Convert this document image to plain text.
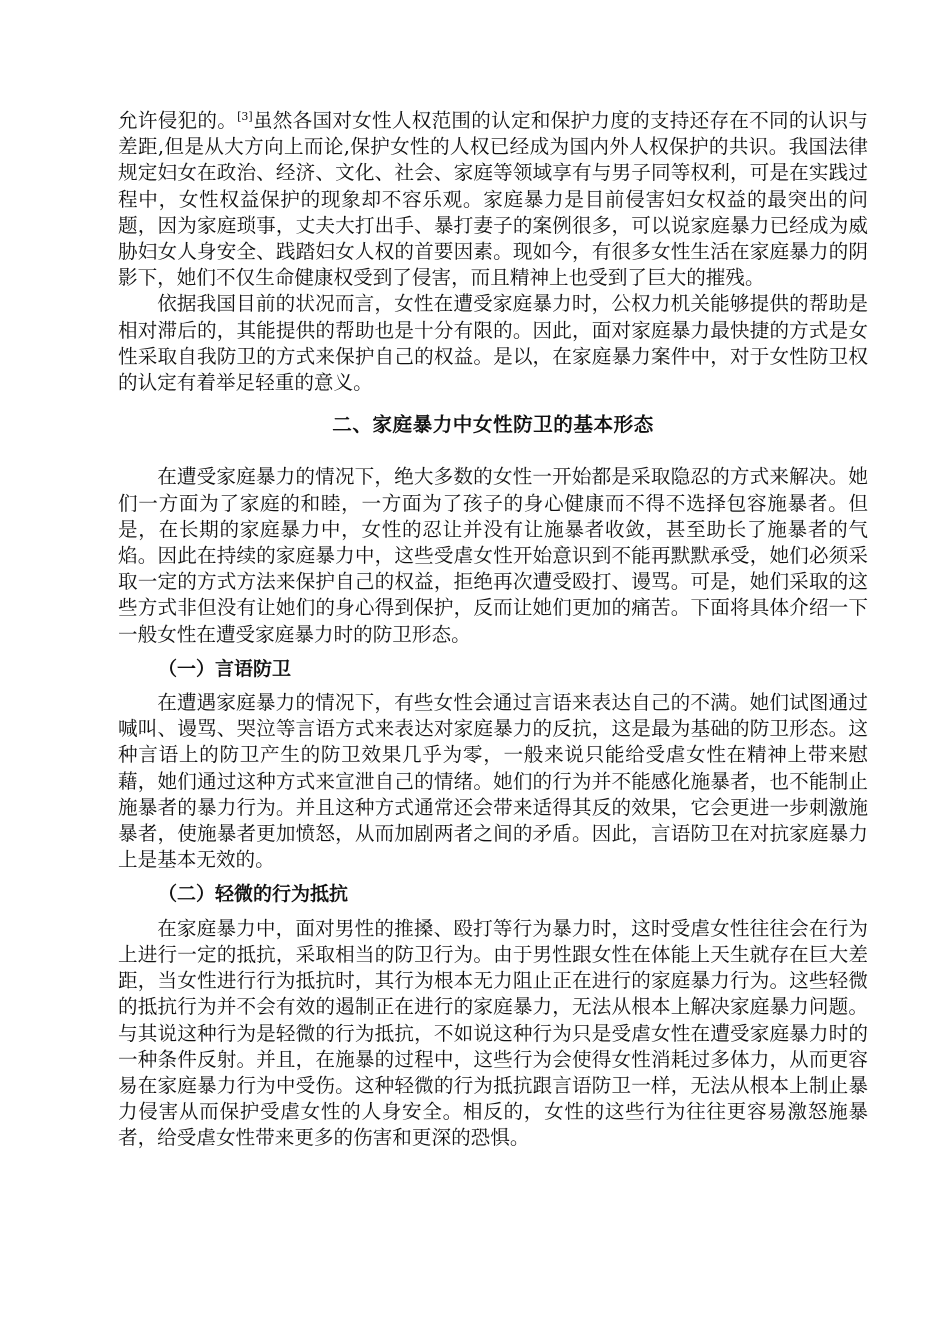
允许侵犯的。[3]虽然各国对女性人权范围的认定和保护力度的支持还存在不同的认识与差距,但是从大方向上而论,保护女性的人权已经成为国内外人权保护的共识。我国法律规定妇女在政治、经济、文化、社会、家庭等领域享有与男子同等权利，可是在实践过程中，女性权益保护的现象却不容乐观。家庭暴力是目前侵害妇女权益的最突出的问题，因为家庭琐事，丈夫大打出手、暴打妻子的案例很多，可以说家庭暴力已经成为威胁妇女人身安全、践踏妇女人权的首要因素。现如今，有很多女性生活在家庭暴力的阴影下，她们不仅生命健康权受到了侵害，而且精神上也受到了巨大的摧残。

依据我国目前的状况而言，女性在遭受家庭暴力时，公权力机关能够提供的帮助是相对滞后的，其能提供的帮助也是十分有限的。因此，面对家庭暴力最快捷的方式是女性采取自我防卫的方式来保护自己的权益。是以，在家庭暴力案件中，对于女性防卫权的认定有着举足轻重的意义。

二、家庭暴力中女性防卫的基本形态

在遭受家庭暴力的情况下，绝大多数的女性一开始都是采取隐忍的方式来解决。她们一方面为了家庭的和睦，一方面为了孩子的身心健康而不得不选择包容施暴者。但是，在长期的家庭暴力中，女性的忍让并没有让施暴者收敛，甚至助长了施暴者的气焰。因此在持续的家庭暴力中，这些受虐女性开始意识到不能再默默承受，她们必须采取一定的方式方法来保护自己的权益，拒绝再次遭受殴打、谩骂。可是，她们采取的这些方式非但没有让她们的身心得到保护，反而让她们更加的痛苦。下面将具体介绍一下一般女性在遭受家庭暴力时的防卫形态。

（一）言语防卫

在遭遇家庭暴力的情况下，有些女性会通过言语来表达自己的不满。她们试图通过喊叫、谩骂、哭泣等言语方式来表达对家庭暴力的反抗，这是最为基础的防卫形态。这种言语上的防卫产生的防卫效果几乎为零，一般来说只能给受虐女性在精神上带来慰藉，她们通过这种方式来宣泄自己的情绪。她们的行为并不能感化施暴者，也不能制止施暴者的暴力行为。并且这种方式通常还会带来适得其反的效果，它会更进一步刺激施暴者，使施暴者更加愤怒，从而加剧两者之间的矛盾。因此，言语防卫在对抗家庭暴力上是基本无效的。

（二）轻微的行为抵抗

在家庭暴力中，面对男性的推搡、殴打等行为暴力时，这时受虐女性往往会在行为上进行一定的抵抗，采取相当的防卫行为。由于男性跟女性在体能上天生就存在巨大差距，当女性进行行为抵抗时，其行为根本无力阻止正在进行的家庭暴力行为。这些轻微的抵抗行为并不会有效的遏制正在进行的家庭暴力，无法从根本上解决家庭暴力问题。与其说这种行为是轻微的行为抵抗，不如说这种行为只是受虐女性在遭受家庭暴力时的一种条件反射。并且，在施暴的过程中，这些行为会使得女性消耗过多体力，从而更容易在家庭暴力行为中受伤。这种轻微的行为抵抗跟言语防卫一样，无法从根本上制止暴力侵害从而保护受虐女性的人身安全。相反的，女性的这些行为往往更容易激怒施暴者，给受虐女性带来更多的伤害和更深的恐惧。
